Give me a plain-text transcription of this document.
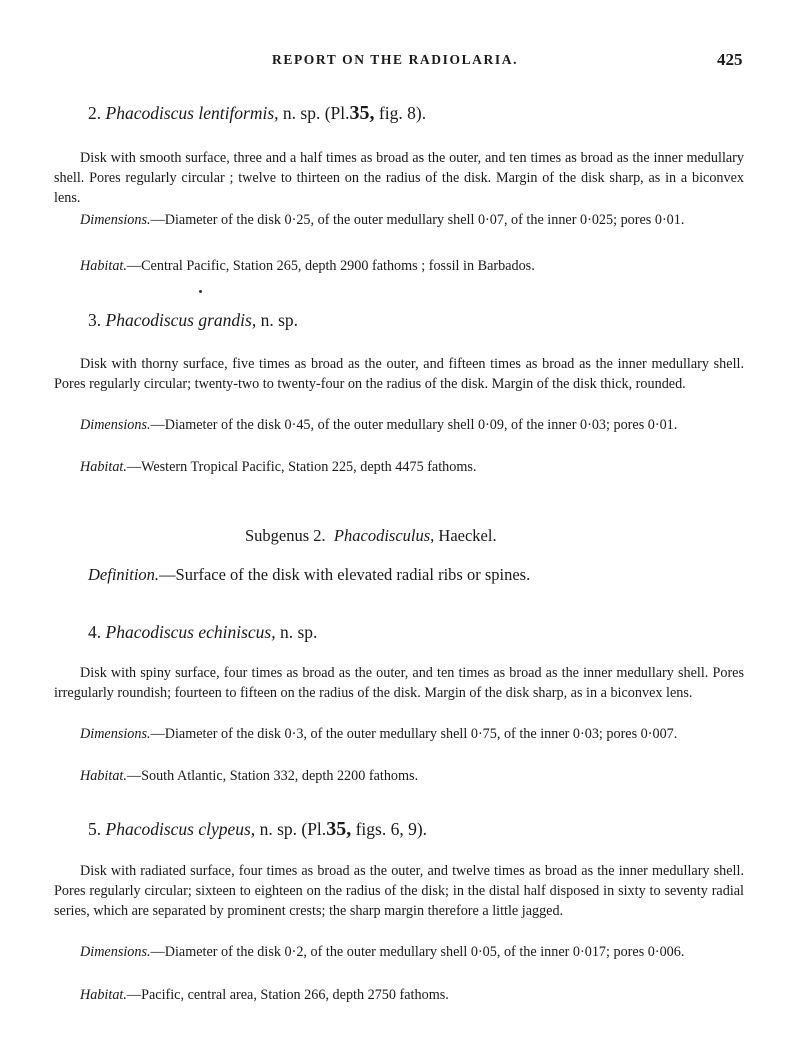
REPORT ON THE RADIOLARIA.	425
2. Phacodiscus lentiformis, n. sp. (Pl.35, fig. 8).

Disk with smooth surface, three and a half times as broad as the outer, and ten times as broad as the inner medullary shell. Pores regularly circular ; twelve to thirteen on the radius of the disk. Margin of the disk sharp, as in a biconvex lens.

Dimensions.—Diameter of the disk 0·25, of the outer medullary shell 0·07, of the inner 0·025; pores 0·01.

Habitat.—Central Pacific, Station 265, depth 2900 fathoms ; fossil in Barbados.

3. Phacodiscus grandis, n. sp.

Disk with thorny surface, five times as broad as the outer, and fifteen times as broad as the inner medullary shell. Pores regularly circular; twenty-two to twenty-four on the radius of the disk. Margin of the disk thick, rounded.

Dimensions.—Diameter of the disk 0·45, of the outer medullary shell 0·09, of the inner 0·03; pores 0·01.

Habitat.—Western Tropical Pacific, Station 225, depth 4475 fathoms.

Subgenus 2. Phacodisculus, Haeckel.
Definition.—Surface of the disk with elevated radial ribs or spines.
4. Phacodiscus echiniscus, n. sp.

Disk with spiny surface, four times as broad as the outer, and ten times as broad as the inner medullary shell. Pores irregularly roundish; fourteen to fifteen on the radius of the disk. Margin of the disk sharp, as in a biconvex lens.

Dimensions.—Diameter of the disk 0·3, of the outer medullary shell 0·75, of the inner 0·03; pores 0·007.

Habitat.—South Atlantic, Station 332, depth 2200 fathoms.

5. Phacodiscus clypeus, n. sp. (Pl.35, figs. 6, 9).

Disk with radiated surface, four times as broad as the outer, and twelve times as broad as the inner medullary shell. Pores regularly circular; sixteen to eighteen on the radius of the disk; in the distal half disposed in sixty to seventy radial series, which are separated by prominent crests; the sharp margin therefore a little jagged.

Dimensions.—Diameter of the disk 0·2, of the outer medullary shell 0·05, of the inner 0·017; pores 0·006.

Habitat.—Pacific, central area, Station 266, depth 2750 fathoms.
